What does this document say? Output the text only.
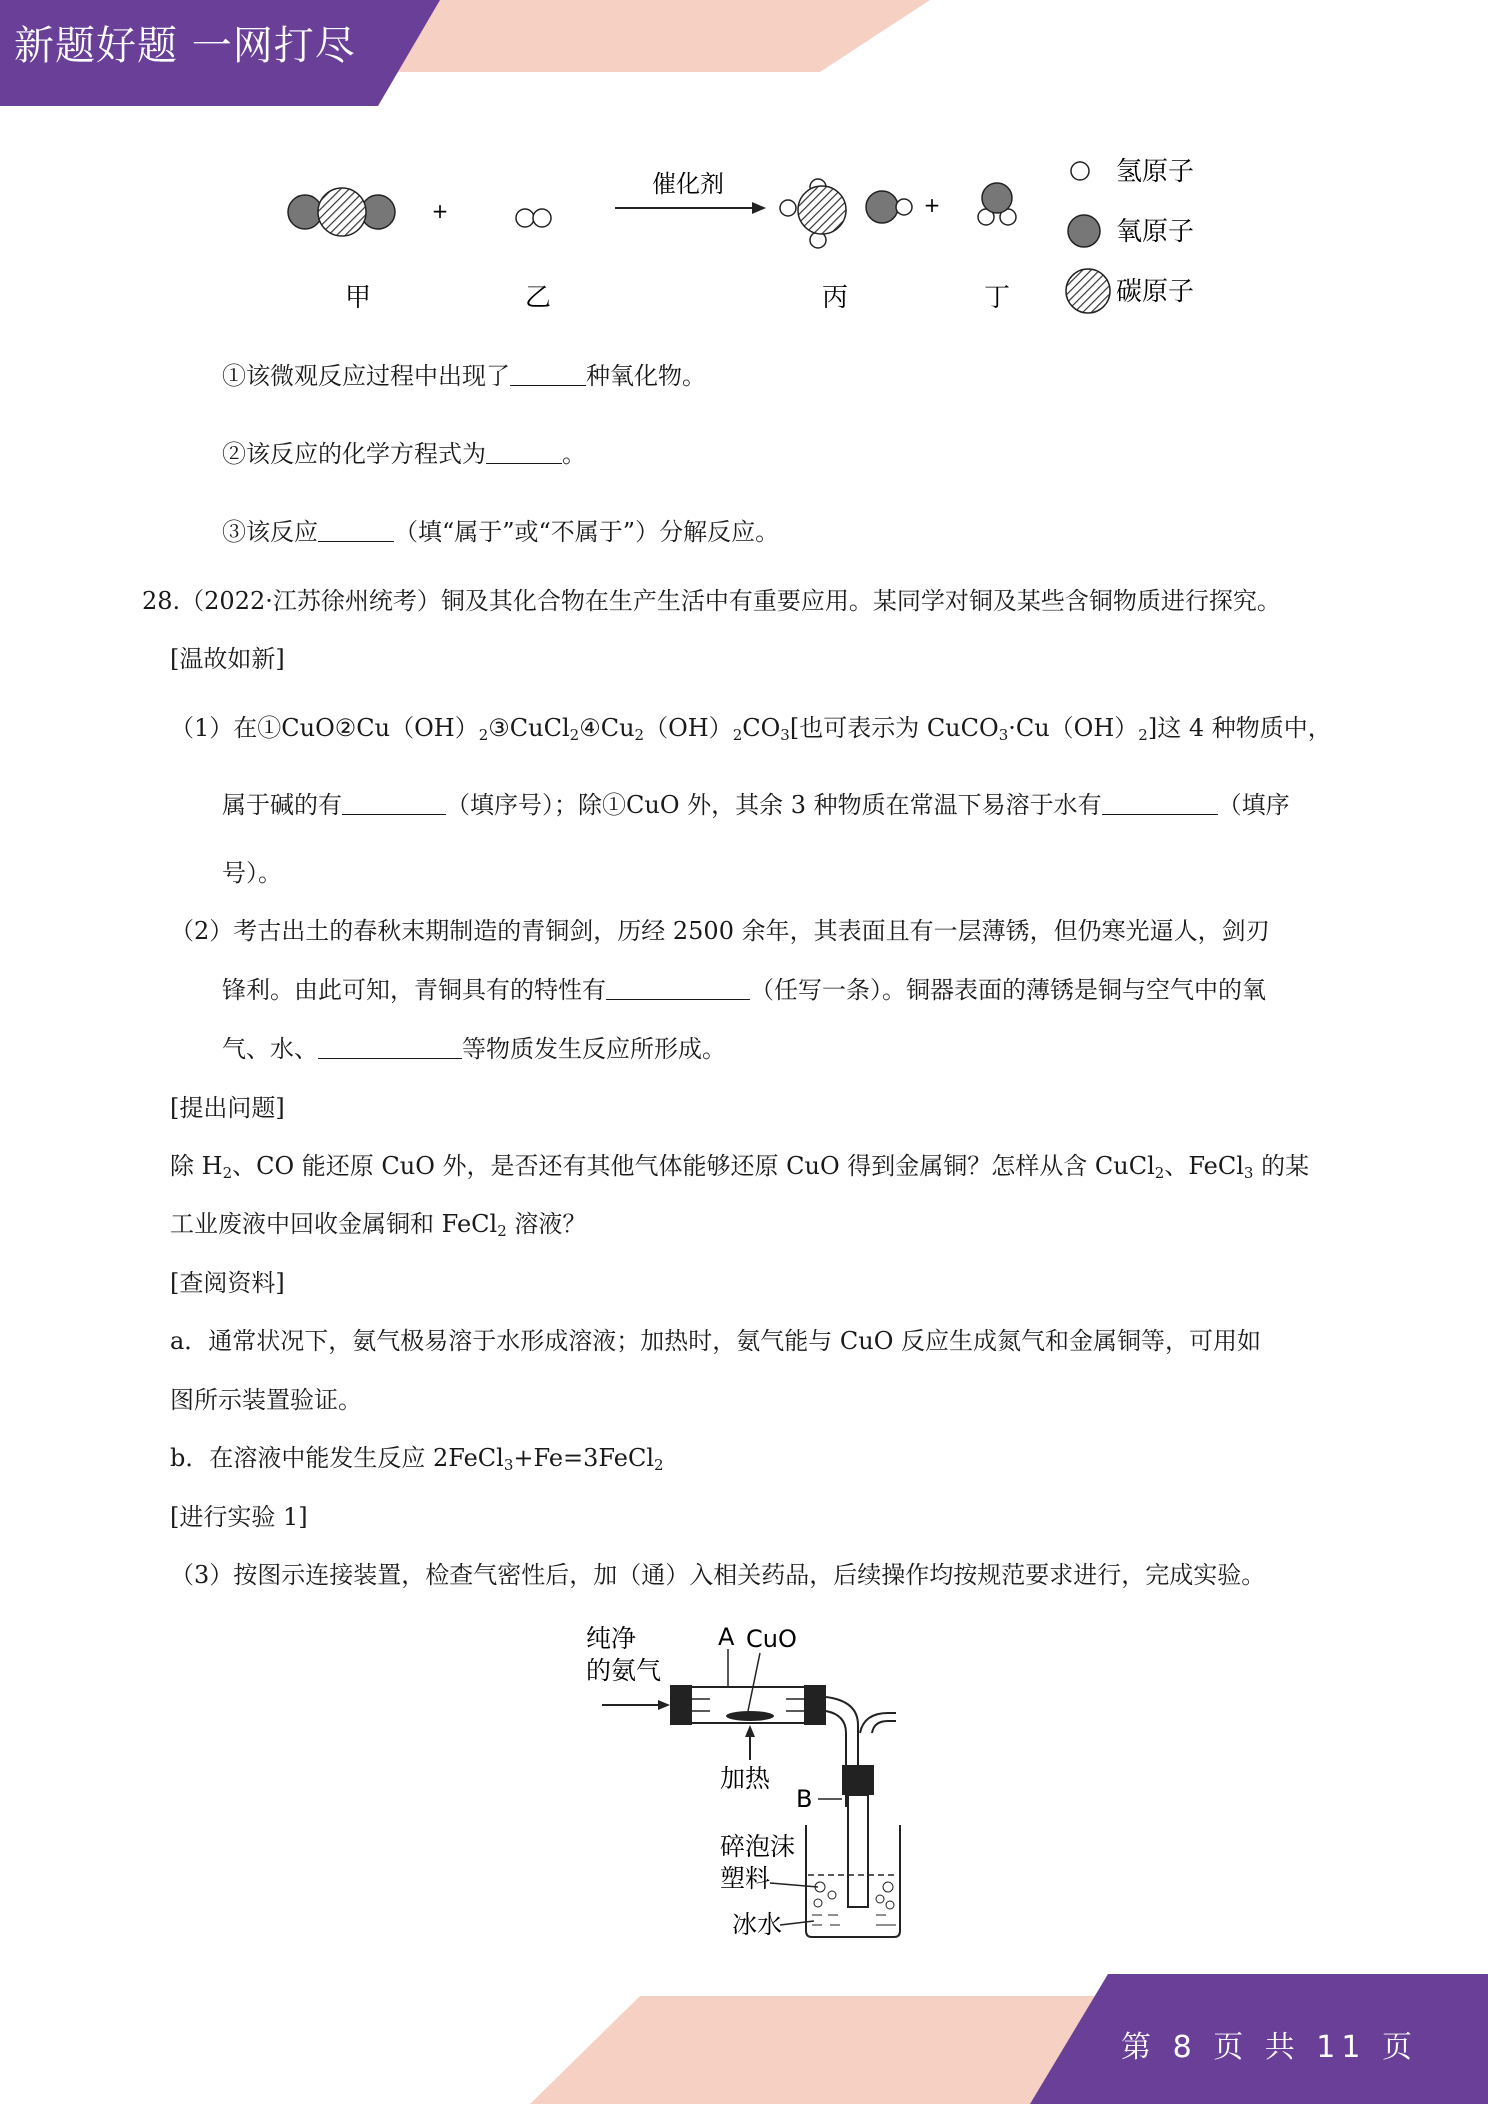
新题好题 一网打尽
第 8 页 共 11 页
+
催化剂
+
甲	乙	丙	丁
氢原子
氧原子
碳原子
①该微观反应过程中出现了	种氧化物。
②该反应的化学方程式为	。
③该反应	（填“属于”或“不属于”）分解反应。
28.（2022·江苏徐州统考）铜及其化合物在生产生活中有重要应用。某同学对铜及某些含铜物质进行探究。
[温故如新]
（1）在$①CuO②Cu(OH)_2③CuCl_2④Cu_2(OH)_2CO_3$[也可表示为 $CuCO_3\cdot Cu(OH)_2$]这 4 种物质中，
属于碱的有	（填序号）；除①CuO 外，其余 3 种物质在常温下易溶于水有	（填序
号）。
（2）考古出土的春秋末期制造的青铜剑，历经 2500 余年，其表面且有一层薄锈，但仍寒光逼人，剑刃
锋利。由此可知，青铜具有的特性有	（任写一条）。铜器表面的薄锈是铜与空气中的氧
气、水、	等物质发生反应所形成。
[提出问题]
除 $H_2$、CO 能还原 CuO 外，是否还有其他气体能够还原 CuO 得到金属铜？怎样从含 CuCl$_2$、FeCl$_3$ 的某
工业废液中回收金属铜和 FeCl$_2$ 溶液？
[查阅资料]
a．通常状况下，氨气极易溶于水形成溶液；加热时，氨气能与 CuO 反应生成氮气和金属铜等，可用如
图所示装置验证。
b．在溶液中能发生反应 2FeCl$_3$+Fe=3FeCl$_2$
[进行实验 1]
（3）按图示连接装置，检查气密性后，加（通）入相关药品，后续操作均按规范要求进行，完成实验。
纯净
的氨气
A CuO
加热
B
碎泡沫
塑料
冰水
